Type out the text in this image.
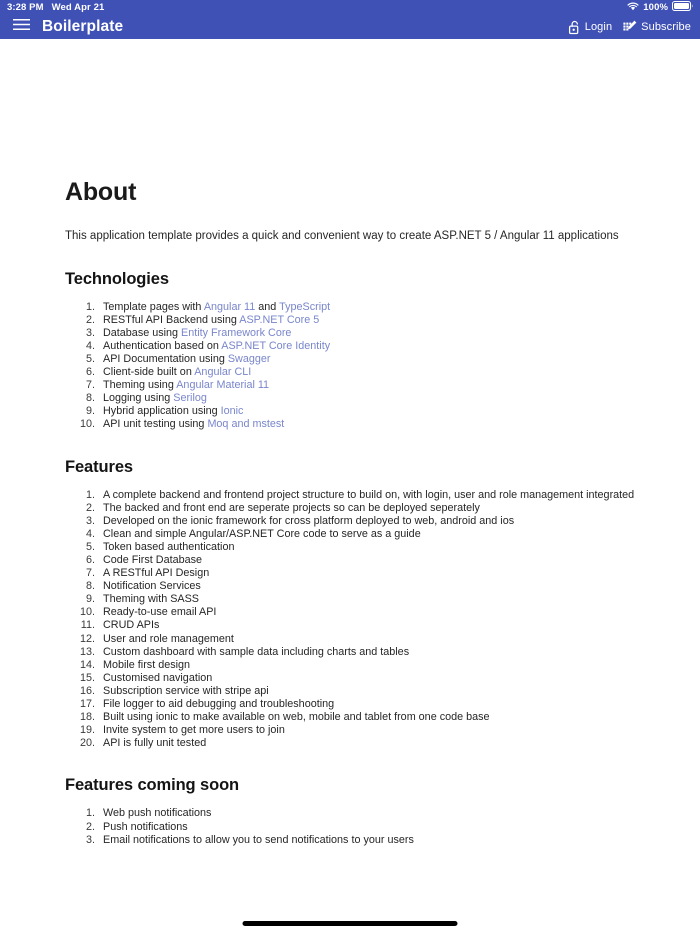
3:28 PM Wed Apr 21	100%
Boilerplate	Login	Subscribe
About

This application template provides a quick and convenient way to create ASP.NET 5 / Angular 11 applications

Technologies
1. Template pages with Angular 11 and TypeScript
2. RESTful API Backend using ASP.NET Core 5
3. Database using Entity Framework Core
4. Authentication based on ASP.NET Core Identity
5. API Documentation using Swagger
6. Client-side built on Angular CLI
7. Theming using Angular Material 11
8. Logging using Serilog
9. Hybrid application using Ionic
10. API unit testing using Moq and mstest
Features
1. A complete backend and frontend project structure to build on, with login, user and role management integrated
2. The backed and front end are seperate projects so can be deployed seperately
3. Developed on the ionic framework for cross platform deployed to web, android and ios
4. Clean and simple Angular/ASP.NET Core code to serve as a guide
5. Token based authentication
6. Code First Database
7. A RESTful API Design
8. Notification Services
9. Theming with SASS
10. Ready-to-use email API
11. CRUD APIs
12. User and role management
13. Custom dashboard with sample data including charts and tables
14. Mobile first design
15. Customised navigation
16. Subscription service with stripe api
17. File logger to aid debugging and troubleshooting
18. Built using ionic to make available on web, mobile and tablet from one code base
19. Invite system to get more users to join
20. API is fully unit tested
Features coming soon
1. Web push notifications
2. Push notifications
3. Email notifications to allow you to send notifications to your users
